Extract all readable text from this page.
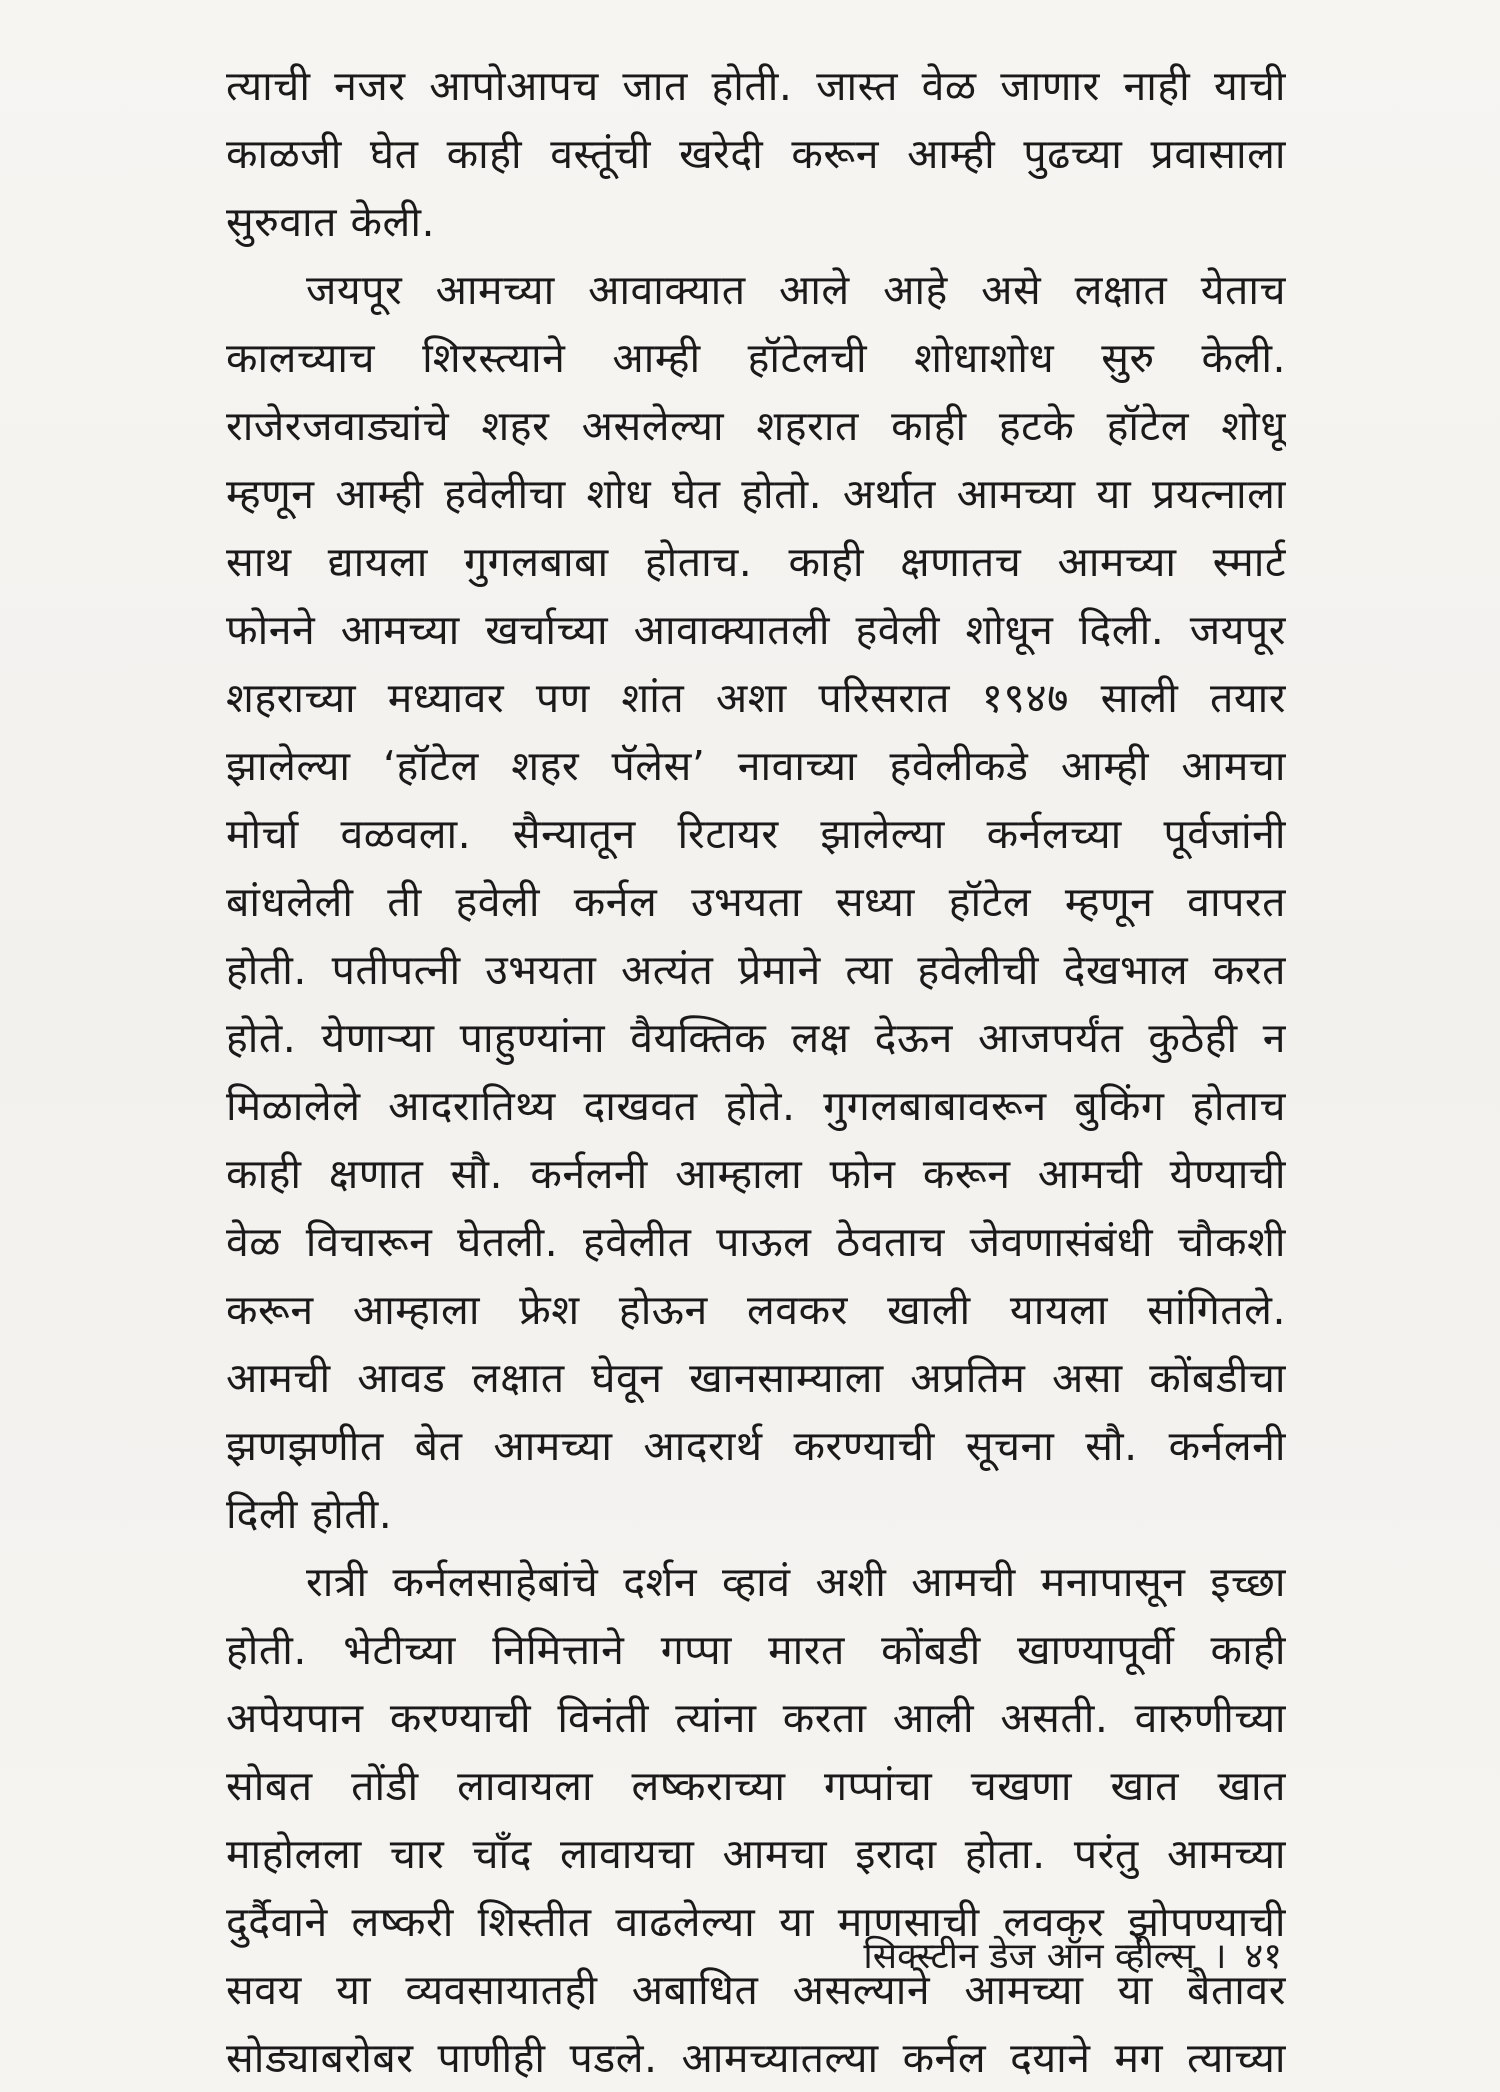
त्याची नजर आपोआपच जात होती. जास्त वेळ जाणार नाही याची
काळजी घेत काही वस्तूंची खरेदी करून आम्ही पुढच्या प्रवासाला
सुरुवात केली.
जयपूर आमच्या आवाक्यात आले आहे असे लक्षात येताच
कालच्याच शिरस्त्याने आम्ही हॉटेलची शोधाशोध सुरु केली.
राजेरजवाड्यांचे शहर असलेल्या शहरात काही हटके हॉटेल शोधू
म्हणून आम्ही हवेलीचा शोध घेत होतो. अर्थात आमच्या या प्रयत्नाला
साथ द्यायला गुगलबाबा होताच. काही क्षणातच आमच्या स्मार्ट
फोनने आमच्या खर्चाच्या आवाक्यातली हवेली शोधून दिली. जयपूर
शहराच्या मध्यावर पण शांत अशा परिसरात १९४७ साली तयार
झालेल्या ‘हॉटेल शहर पॅलेस’ नावाच्या हवेलीकडे आम्ही आमचा
मोर्चा वळवला. सैन्यातून रिटायर झालेल्या कर्नलच्या पूर्वजांनी
बांधलेली ती हवेली कर्नल उभयता सध्या हॉटेल म्हणून वापरत
होती. पतीपत्नी उभयता अत्यंत प्रेमाने त्या हवेलीची देखभाल करत
होते. येणाऱ्या पाहुण्यांना वैयक्तिक लक्ष देऊन आजपर्यंत कुठेही न
मिळालेले आदरातिथ्य दाखवत होते. गुगलबाबावरून बुकिंग होताच
काही क्षणात सौ. कर्नलनी आम्हाला फोन करून आमची येण्याची
वेळ विचारून घेतली. हवेलीत पाऊल ठेवताच जेवणासंबंधी चौकशी
करून आम्हाला फ्रेश होऊन लवकर खाली यायला सांगितले.
आमची आवड लक्षात घेवून खानसाम्याला अप्रतिम असा कोंबडीचा
झणझणीत बेत आमच्या आदरार्थ करण्याची सूचना सौ. कर्नलनी
दिली होती.
रात्री कर्नलसाहेबांचे दर्शन व्हावं अशी आमची मनापासून इच्छा
होती. भेटीच्या निमित्ताने गप्पा मारत कोंबडी खाण्यापूर्वी काही
अपेयपान करण्याची विनंती त्यांना करता आली असती. वारुणीच्या
सोबत तोंडी लावायला लष्कराच्या गप्पांचा चखणा खात खात
माहोलला चार चाँद लावायचा आमचा इरादा होता. परंतु आमच्या
दुर्दैवाने लष्करी शिस्तीत वाढलेल्या या माणसाची लवकर झोपण्याची
सवय या व्यवसायातही अबाधित असल्याने आमच्या या बेतावर
सोड्याबरोबर पाणीही पडले. आमच्यातल्या कर्नल दयाने मग त्याच्या
सिक्स्टीन डेज ऑन व्हील्स् । ४१
